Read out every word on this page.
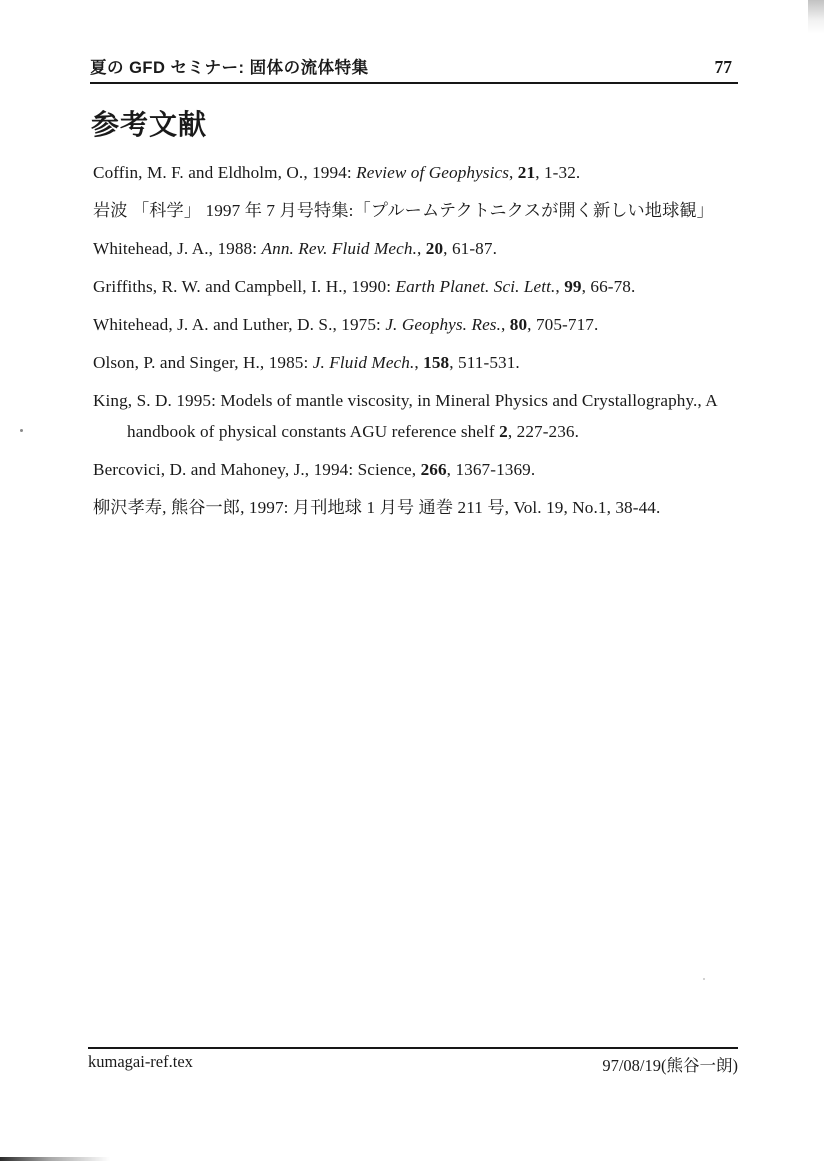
夏の GFD セミナー: 固体の流体特集	77
参考文献

Coffin, M. F. and Eldholm, O., 1994: Review of Geophysics, 21, 1-32.

岩波 「科学」 1997 年 7 月号特集:「プルームテクトニクスが開く新しい地球観」

Whitehead, J. A., 1988: Ann. Rev. Fluid Mech., 20, 61-87.

Griffiths, R. W. and Campbell, I. H., 1990: Earth Planet. Sci. Lett., 99, 66-78.

Whitehead, J. A. and Luther, D. S., 1975: J. Geophys. Res., 80, 705-717.

Olson, P. and Singer, H., 1985: J. Fluid Mech., 158, 511-531.

King, S. D. 1995: Models of mantle viscosity, in Mineral Physics and Crystallography., A
handbook of physical constants AGU reference shelf 2, 227-236.

Bercovici, D. and Mahoney, J., 1994: Science, 266, 1367-1369.

柳沢孝寿, 熊谷一郎, 1997: 月刊地球 1 月号 通巻 211 号, Vol. 19, No.1, 38-44.

kumagai-ref.tex	97/08/19(熊谷一朗)
